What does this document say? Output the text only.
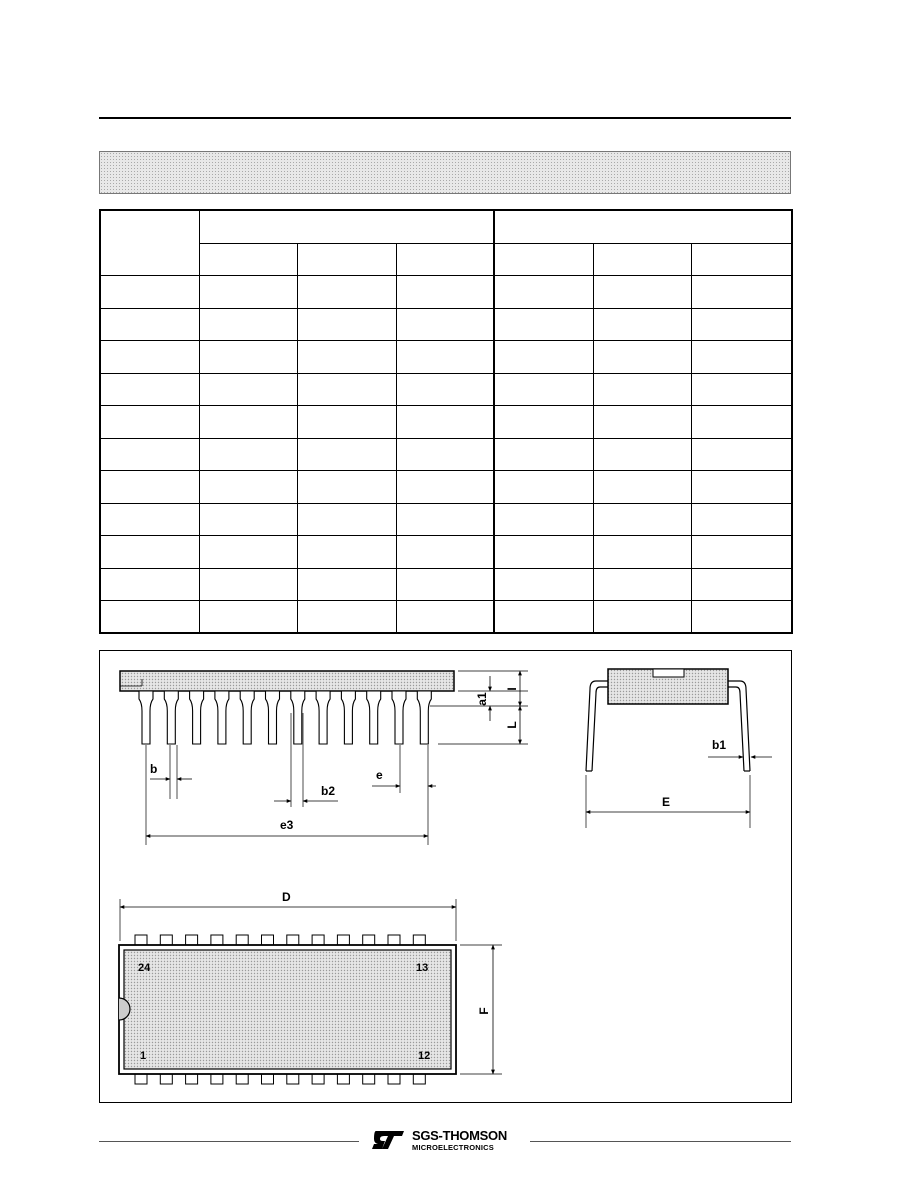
a1
I
L
b
b2
e
e3
E
b1
D
24	13
1	12
F
SGS-THOMSON
MICROELECTRONICS
